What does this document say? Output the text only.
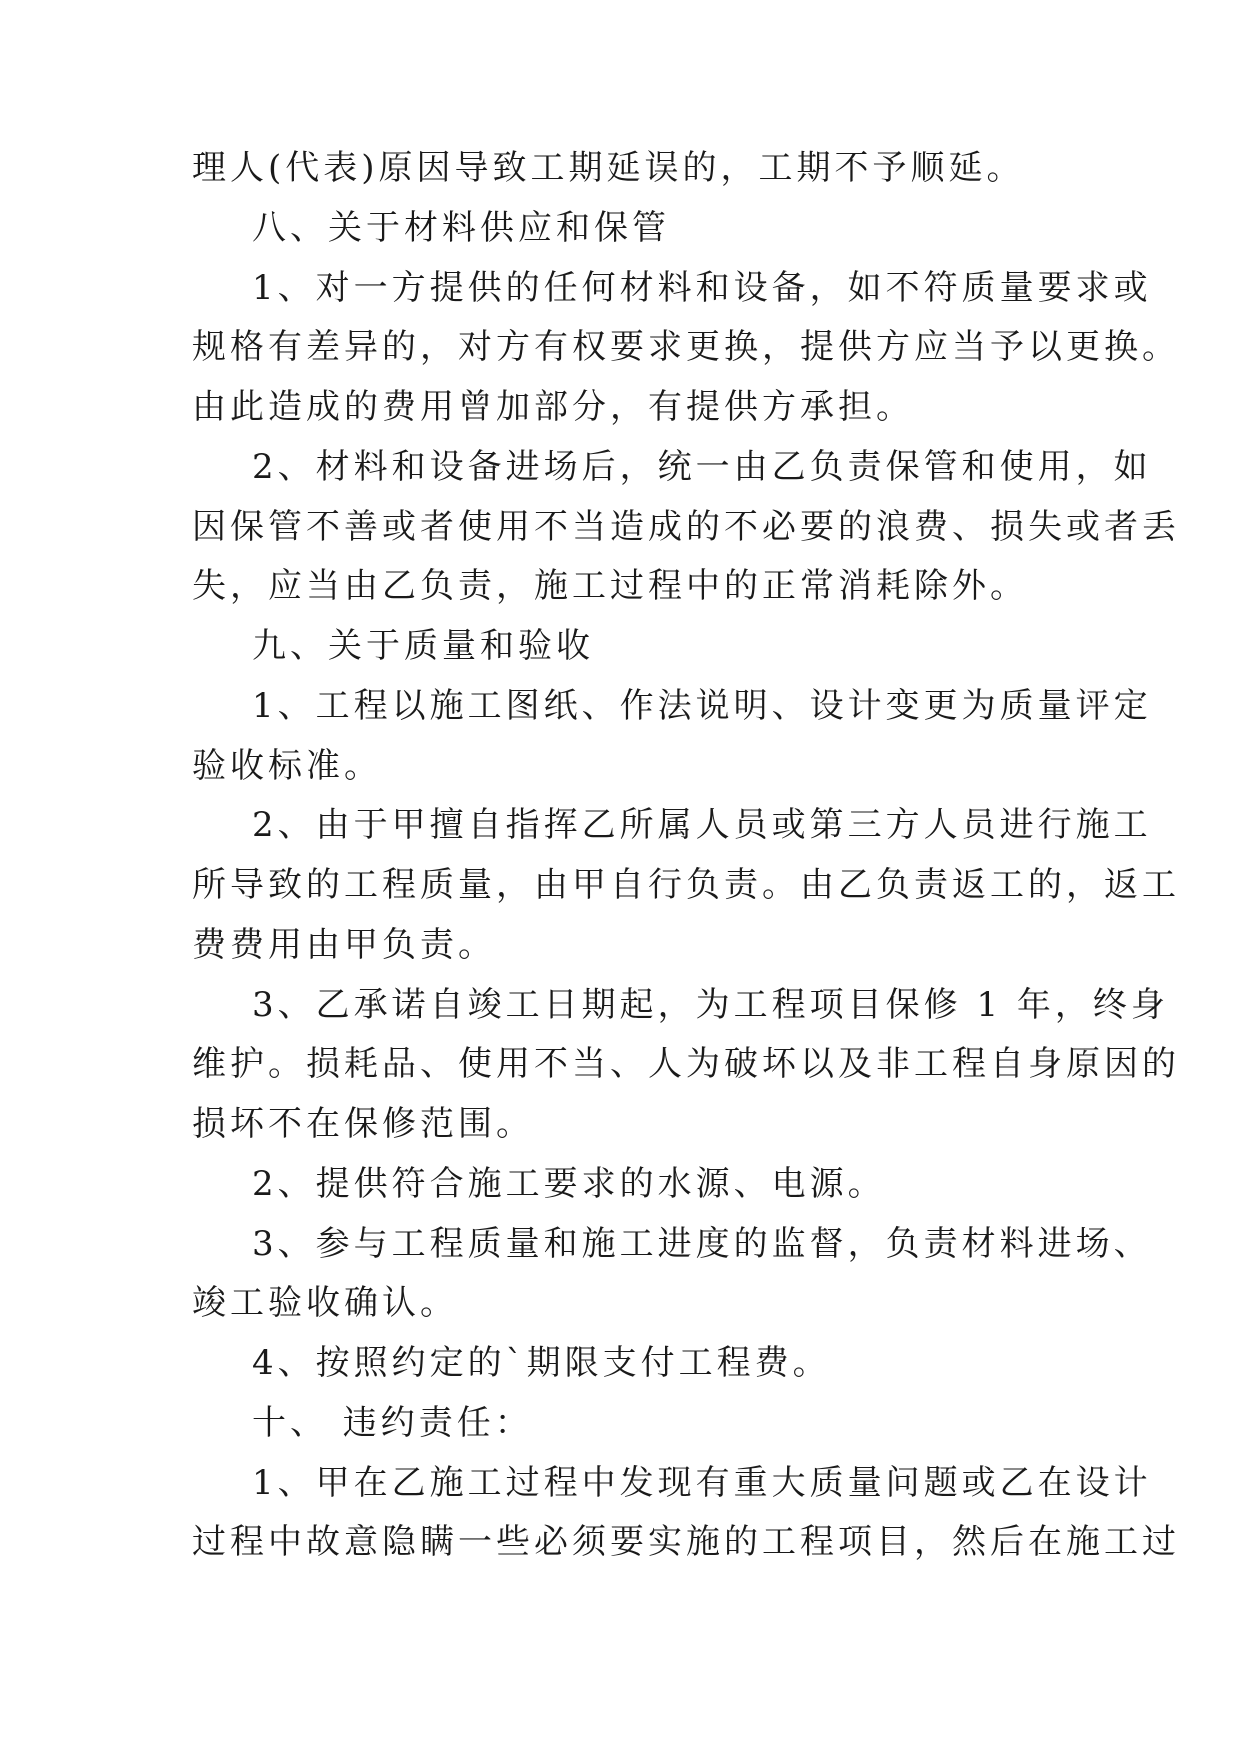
理人(代表)原因导致工期延误的，工期不予顺延。
八、关于材料供应和保管
1、对一方提供的任何材料和设备，如不符质量要求或
规格有差异的，对方有权要求更换，提供方应当予以更换。
由此造成的费用曾加部分，有提供方承担。
2、材料和设备进场后，统一由乙负责保管和使用，如
因保管不善或者使用不当造成的不必要的浪费、损失或者丢
失，应当由乙负责，施工过程中的正常消耗除外。
九、关于质量和验收
1、工程以施工图纸、作法说明、设计变更为质量评定
验收标准。
2、由于甲擅自指挥乙所属人员或第三方人员进行施工
所导致的工程质量，由甲自行负责。由乙负责返工的，返工
费费用由甲负责。
3、乙承诺自竣工日期起，为工程项目保修 1 年，终身
维护。损耗品、使用不当、人为破坏以及非工程自身原因的
损坏不在保修范围。
2、提供符合施工要求的水源、电源。
3、参与工程质量和施工进度的监督，负责材料进场、
竣工验收确认。
4、按照约定的`期限支付工程费。
十、 违约责任：
1、甲在乙施工过程中发现有重大质量问题或乙在设计
过程中故意隐瞒一些必须要实施的工程项目，然后在施工过
